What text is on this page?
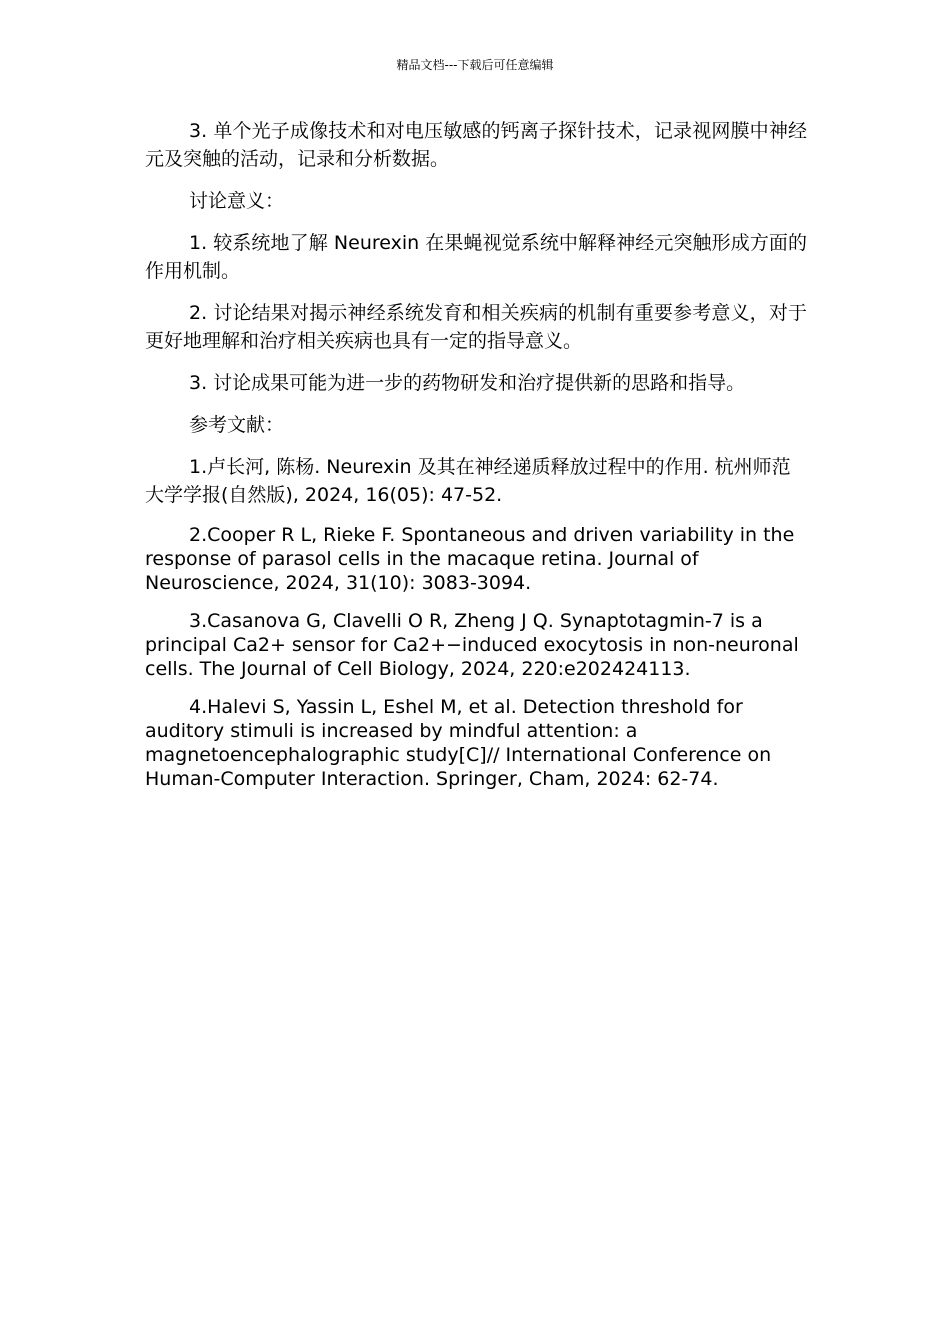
精品文档---下载后可任意编辑

3. 单个光子成像技术和对电压敏感的钙离子探针技术，记录视网膜中神经元及突触的活动，记录和分析数据。

讨论意义：

1. 较系统地了解 Neurexin 在果蝇视觉系统中解释神经元突触形成方面的作用机制。

2. 讨论结果对揭示神经系统发育和相关疾病的机制有重要参考意义，对于更好地理解和治疗相关疾病也具有一定的指导意义。

3. 讨论成果可能为进一步的药物研发和治疗提供新的思路和指导。

参考文献：

1.卢长河, 陈杨. Neurexin 及其在神经递质释放过程中的作用. 杭州师范大学学报(自然版), 2024, 16(05): 47-52.

2.Cooper R L, Rieke F. Spontaneous and driven variability in the response of parasol cells in the macaque retina. Journal of Neuroscience, 2024, 31(10): 3083-3094.

3.Casanova G, Clavelli O R, Zheng J Q. Synaptotagmin-7 is a principal Ca2+ sensor for Ca2+−induced exocytosis in non-neuronal cells. The Journal of Cell Biology, 2024, 220:e202424113.

4.Halevi S, Yassin L, Eshel M, et al. Detection threshold for auditory stimuli is increased by mindful attention: a magnetoencephalographic study[C]// International Conference on Human-Computer Interaction. Springer, Cham, 2024: 62-74.
